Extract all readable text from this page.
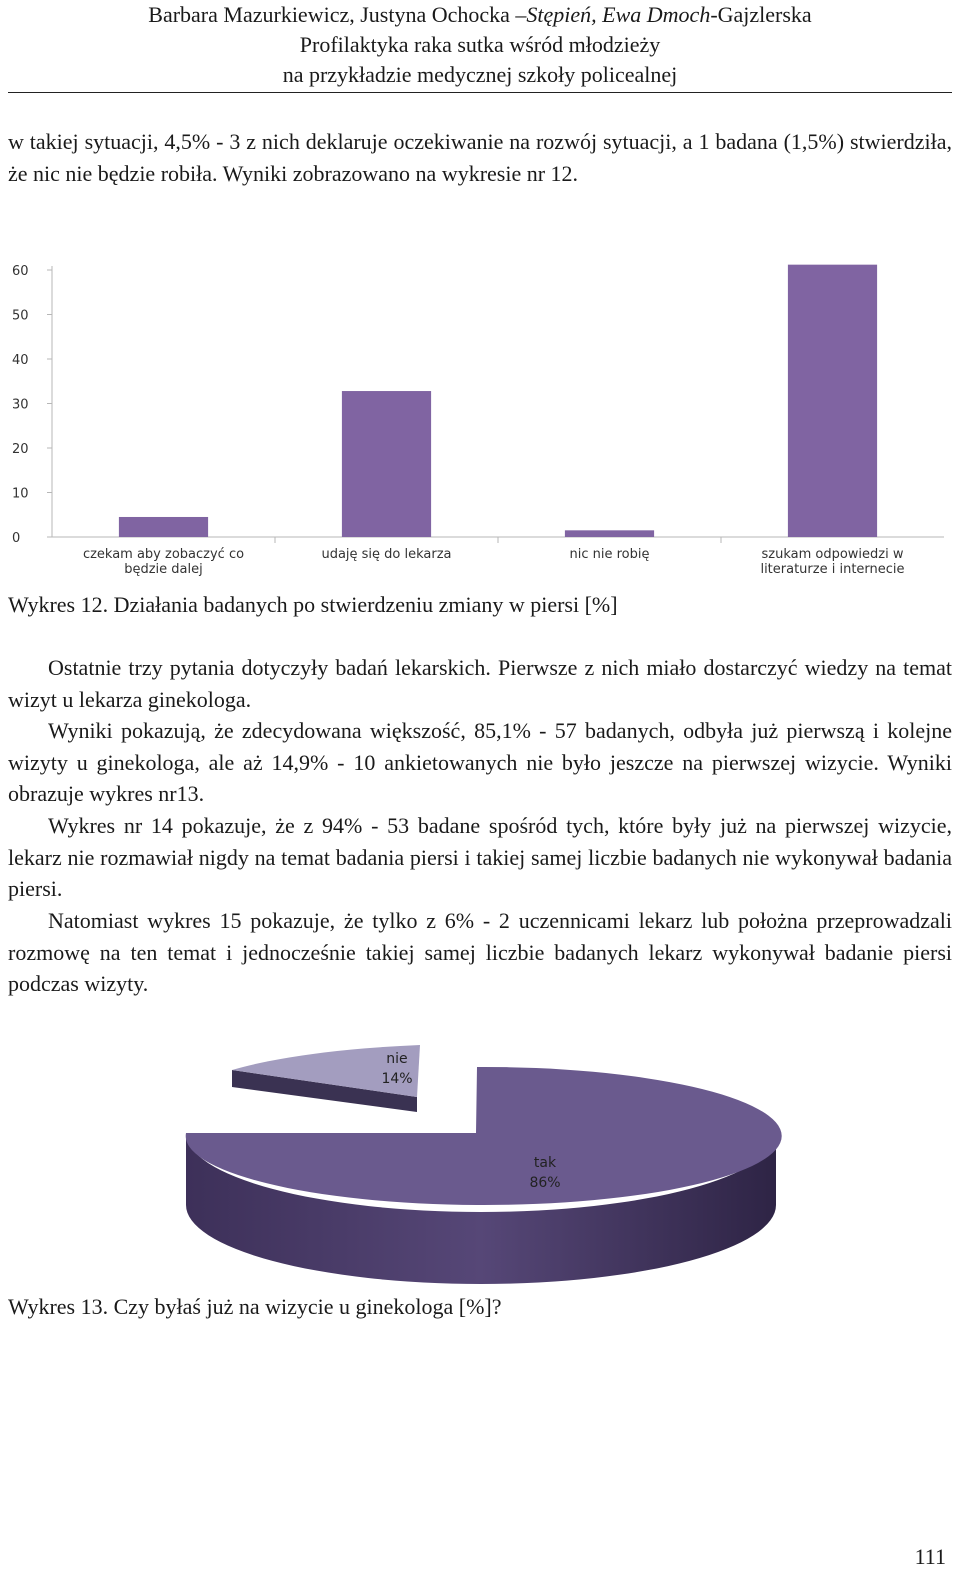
Barbara Mazurkiewicz, Justyna Ochocka –Stępień, Ewa Dmoch-Gajzlerska
Profilaktyka raka sutka wśród młodzieży
na przykładzie medycznej szkoły policealnej

w takiej sytuacji, 4,5% - 3 z nich deklaruje oczekiwanie na rozwój sytuacji, a 1 badana (1,5%) stwierdziła, że nic nie będzie robiła. Wyniki zobrazowano na wykresie nr 12.

0
10
20
30
40
50
60
czekam aby zobaczyć co
będzie dalej
udaję się do lekarza	nic nie robię	szukam odpowiedzi w
literaturze i internecie

Wykres 12. Działania badanych po stwierdzeniu zmiany w piersi [%]

Ostatnie trzy pytania dotyczyły badań lekarskich. Pierwsze z nich miało dostarczyć wiedzy na temat wizyt u lekarza ginekologa.

Wyniki pokazują, że zdecydowana większość, 85,1% - 57 badanych, odbyła już pierwszą i kolejne wizyty u ginekologa, ale aż 14,9% - 10 ankietowanych nie było jeszcze na pierwszej wizycie. Wyniki obrazuje wykres nr13.

Wykres nr 14 pokazuje, że z 94% - 53 badane spośród tych, które były już na pierwszej wizycie, lekarz nie rozmawiał nigdy na temat badania piersi i takiej samej liczbie badanych nie wykonywał badania piersi.

Natomiast wykres 15 pokazuje, że tylko z 6% - 2 uczennicami lekarz lub położna przeprowadzali rozmowę na ten temat i jednocześnie takiej samej liczbie badanych lekarz wykonywał badanie piersi podczas wizyty.

nie
14%
tak
86%

Wykres 13. Czy byłaś już na wizycie u ginekologa [%]?

111
